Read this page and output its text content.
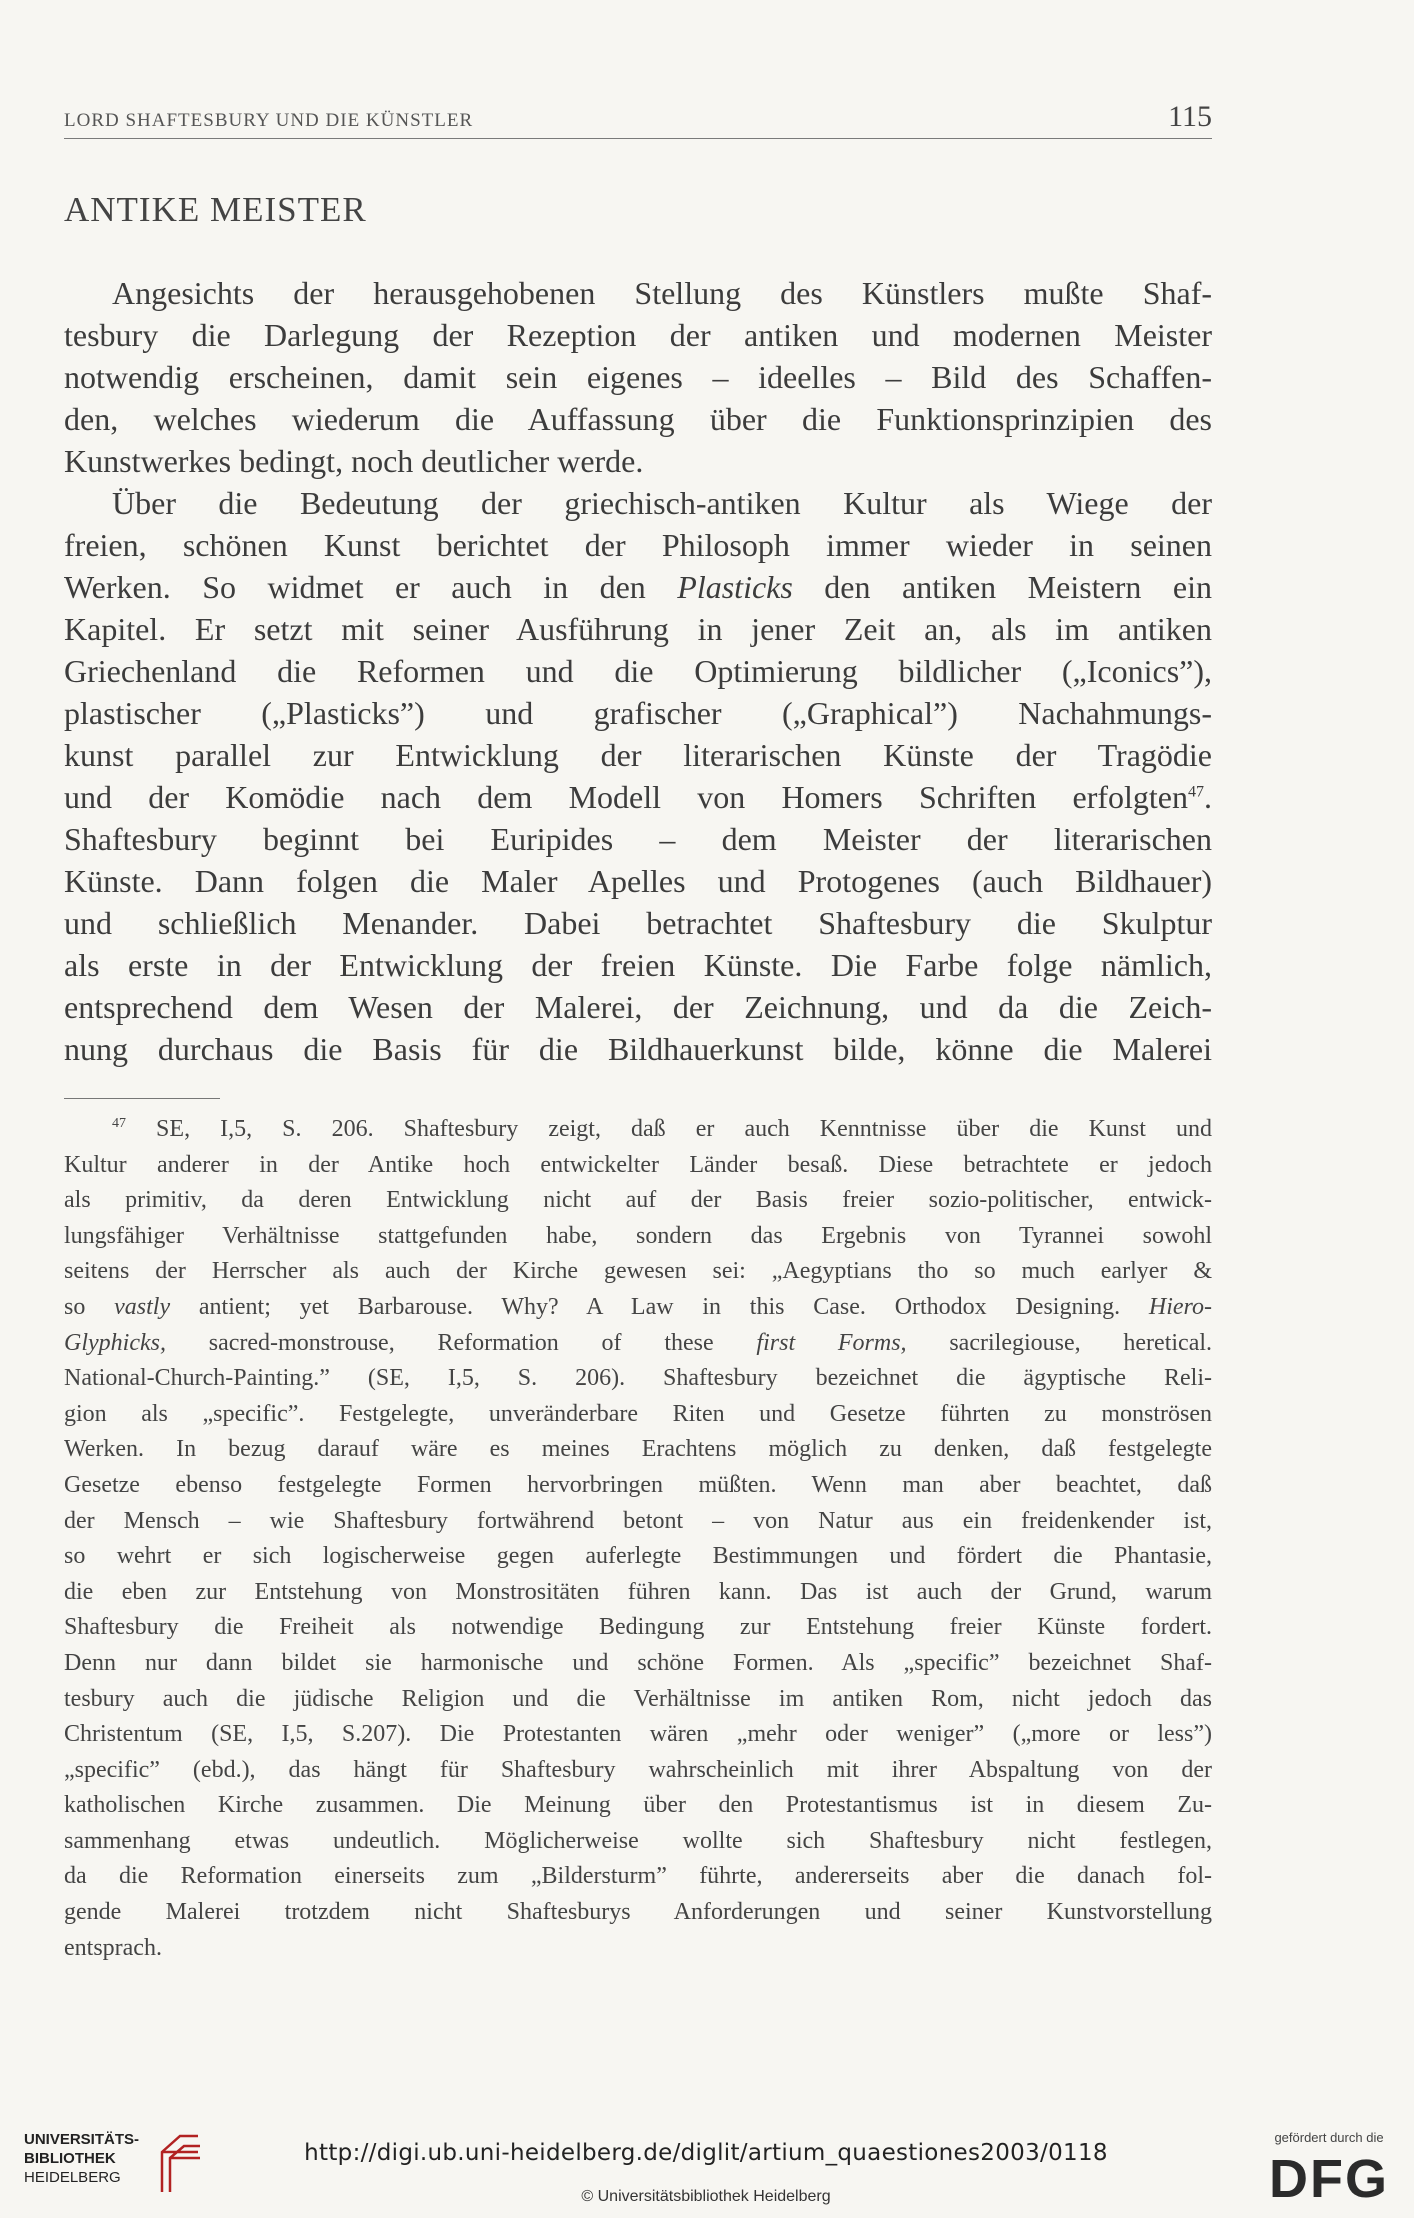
LORD SHAFTESBURY UND DIE KÜNSTLER	115
ANTIKE MEISTER
Angesichts der herausgehobenen Stellung des Künstlers mußte Shaf-
tesbury die Darlegung der Rezeption der antiken und modernen Meister
notwendig erscheinen, damit sein eigenes – ideelles – Bild des Schaffen-
den, welches wiederum die Auffassung über die Funktionsprinzipien des
Kunstwerkes bedingt, noch deutlicher werde.
Über die Bedeutung der griechisch-antiken Kultur als Wiege der
freien, schönen Kunst berichtet der Philosoph immer wieder in seinen
Werken. So widmet er auch in den Plasticks den antiken Meistern ein
Kapitel. Er setzt mit seiner Ausführung in jener Zeit an, als im antiken
Griechenland die Reformen und die Optimierung bildlicher („Iconics”),
plastischer („Plasticks”) und grafischer („Graphical”) Nachahmungs-
kunst parallel zur Entwicklung der literarischen Künste der Tragödie
und der Komödie nach dem Modell von Homers Schriften erfolgten$^{47}$.
Shaftesbury beginnt bei Euripides – dem Meister der literarischen
Künste. Dann folgen die Maler Apelles und Protogenes (auch Bildhauer)
und schließlich Menander. Dabei betrachtet Shaftesbury die Skulptur
als erste in der Entwicklung der freien Künste. Die Farbe folge nämlich,
entsprechend dem Wesen der Malerei, der Zeichnung, und da die Zeich-
nung durchaus die Basis für die Bildhauerkunst bilde, könne die Malerei
$^{47}$ SE, I,5, S. 206. Shaftesbury zeigt, daß er auch Kenntnisse über die Kunst und
Kultur anderer in der Antike hoch entwickelter Länder besaß. Diese betrachtete er jedoch
als primitiv, da deren Entwicklung nicht auf der Basis freier sozio-politischer, entwick-
lungsfähiger Verhältnisse stattgefunden habe, sondern das Ergebnis von Tyrannei sowohl
seitens der Herrscher als auch der Kirche gewesen sei: „Aegyptians tho so much earlyer &
so vastly antient; yet Barbarouse. Why? A Law in this Case. Orthodox Designing. Hiero-
Glyphicks, sacred-monstrouse, Reformation of these first Forms, sacrilegiouse, heretical.
National-Church-Painting.” (SE, I,5, S. 206). Shaftesbury bezeichnet die ägyptische Reli-
gion als „specific”. Festgelegte, unveränderbare Riten und Gesetze führten zu monströsen
Werken. In bezug darauf wäre es meines Erachtens möglich zu denken, daß festgelegte
Gesetze ebenso festgelegte Formen hervorbringen müßten. Wenn man aber beachtet, daß
der Mensch – wie Shaftesbury fortwährend betont – von Natur aus ein freidenkender ist,
so wehrt er sich logischerweise gegen auferlegte Bestimmungen und fördert die Phantasie,
die eben zur Entstehung von Monstrositäten führen kann. Das ist auch der Grund, warum
Shaftesbury die Freiheit als notwendige Bedingung zur Entstehung freier Künste fordert.
Denn nur dann bildet sie harmonische und schöne Formen. Als „specific” bezeichnet Shaf-
tesbury auch die jüdische Religion und die Verhältnisse im antiken Rom, nicht jedoch das
Christentum (SE, I,5, S.207). Die Protestanten wären „mehr oder weniger” („more or less”)
„specific” (ebd.), das hängt für Shaftesbury wahrscheinlich mit ihrer Abspaltung von der
katholischen Kirche zusammen. Die Meinung über den Protestantismus ist in diesem Zu-
sammenhang etwas undeutlich. Möglicherweise wollte sich Shaftesbury nicht festlegen,
da die Reformation einerseits zum „Bildersturm” führte, andererseits aber die danach fol-
gende Malerei trotzdem nicht Shaftesburys Anforderungen und seiner Kunstvorstellung
entsprach.
UNIVERSITÄTS-
BIBLIOTHEK
HEIDELBERG
http://digi.ub.uni-heidelberg.de/diglit/artium_quaestiones2003/0118
© Universitätsbibliothek Heidelberg
gefördert durch die
DFG
